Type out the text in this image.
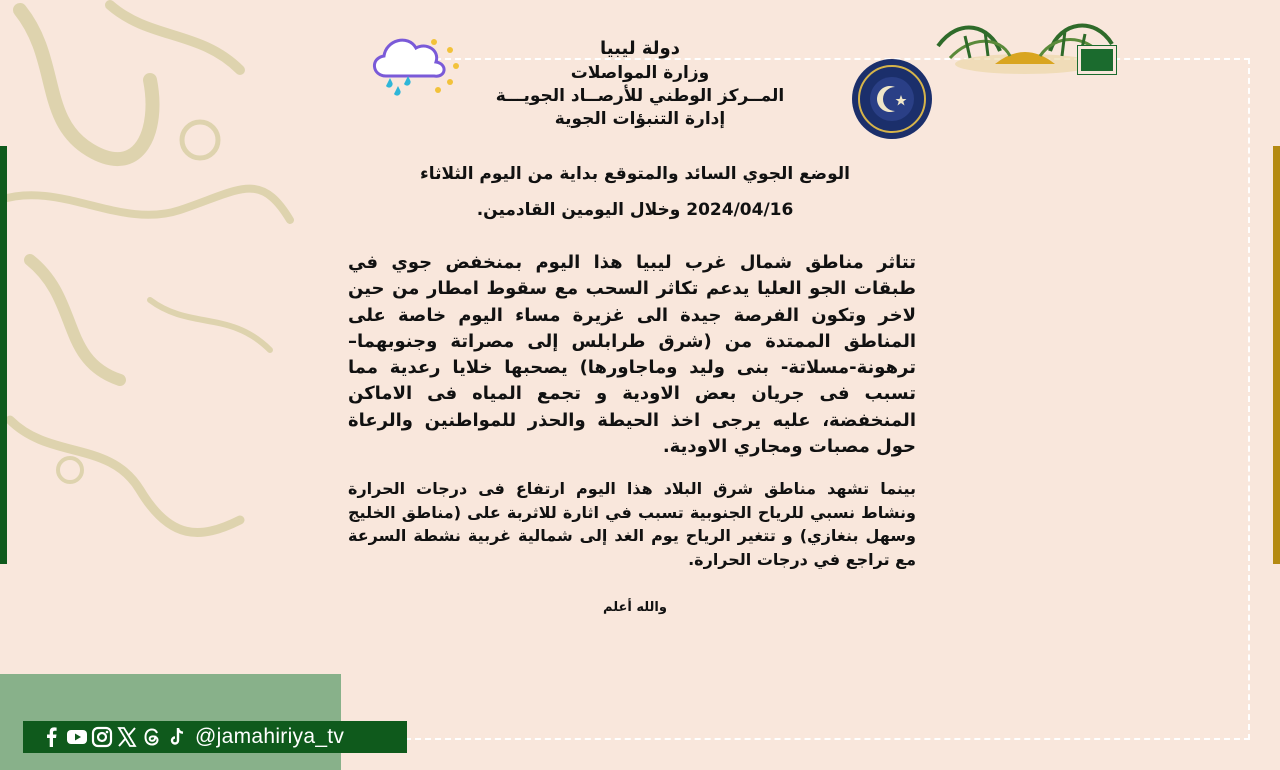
دولة ليبيا
وزارة المواصلات
المــركز الوطني للأرصــاد الجويـــة
إدارة التنبؤات الجوية
الوضع الجوي السائد والمتوقع بداية من اليوم الثلاثاء
2024/04/16 وخلال اليومين القادمين.

تتاثر مناطق شمال غرب ليبيا هذا اليوم بمنخفض جوي في طبقات الجو العليا يدعم تكاثر السحب مع سقوط امطار من حين لاخر وتكون الفرصة جيدة الى غزيرة مساء اليوم خاصة على المناطق الممتدة من (شرق طرابلس إلى مصراتة وجنوبهما–ترهونة-مسلاتة- بنى وليد وماجاورها) يصحبها خلايا رعدية مما تسبب فى جريان بعض الاودية و تجمع المياه فى الاماكن المنخفضة، عليه يرجى اخذ الحيطة والحذر للمواطنين والرعاة حول مصبات ومجاري الاودية.

بينما تشهد مناطق شرق البلاد هذا اليوم ارتفاع فى درجات الحرارة ونشاط نسبي للرياح الجنوبية تسبب في اثارة للاثربة على (مناطق الخليج وسهل بنغازي) و تتغير الرياح يوم الغد إلى شمالية غربية نشطة السرعة مع تراجع في درجات الحرارة.

والله أعلم
@jamahiriya_tv
